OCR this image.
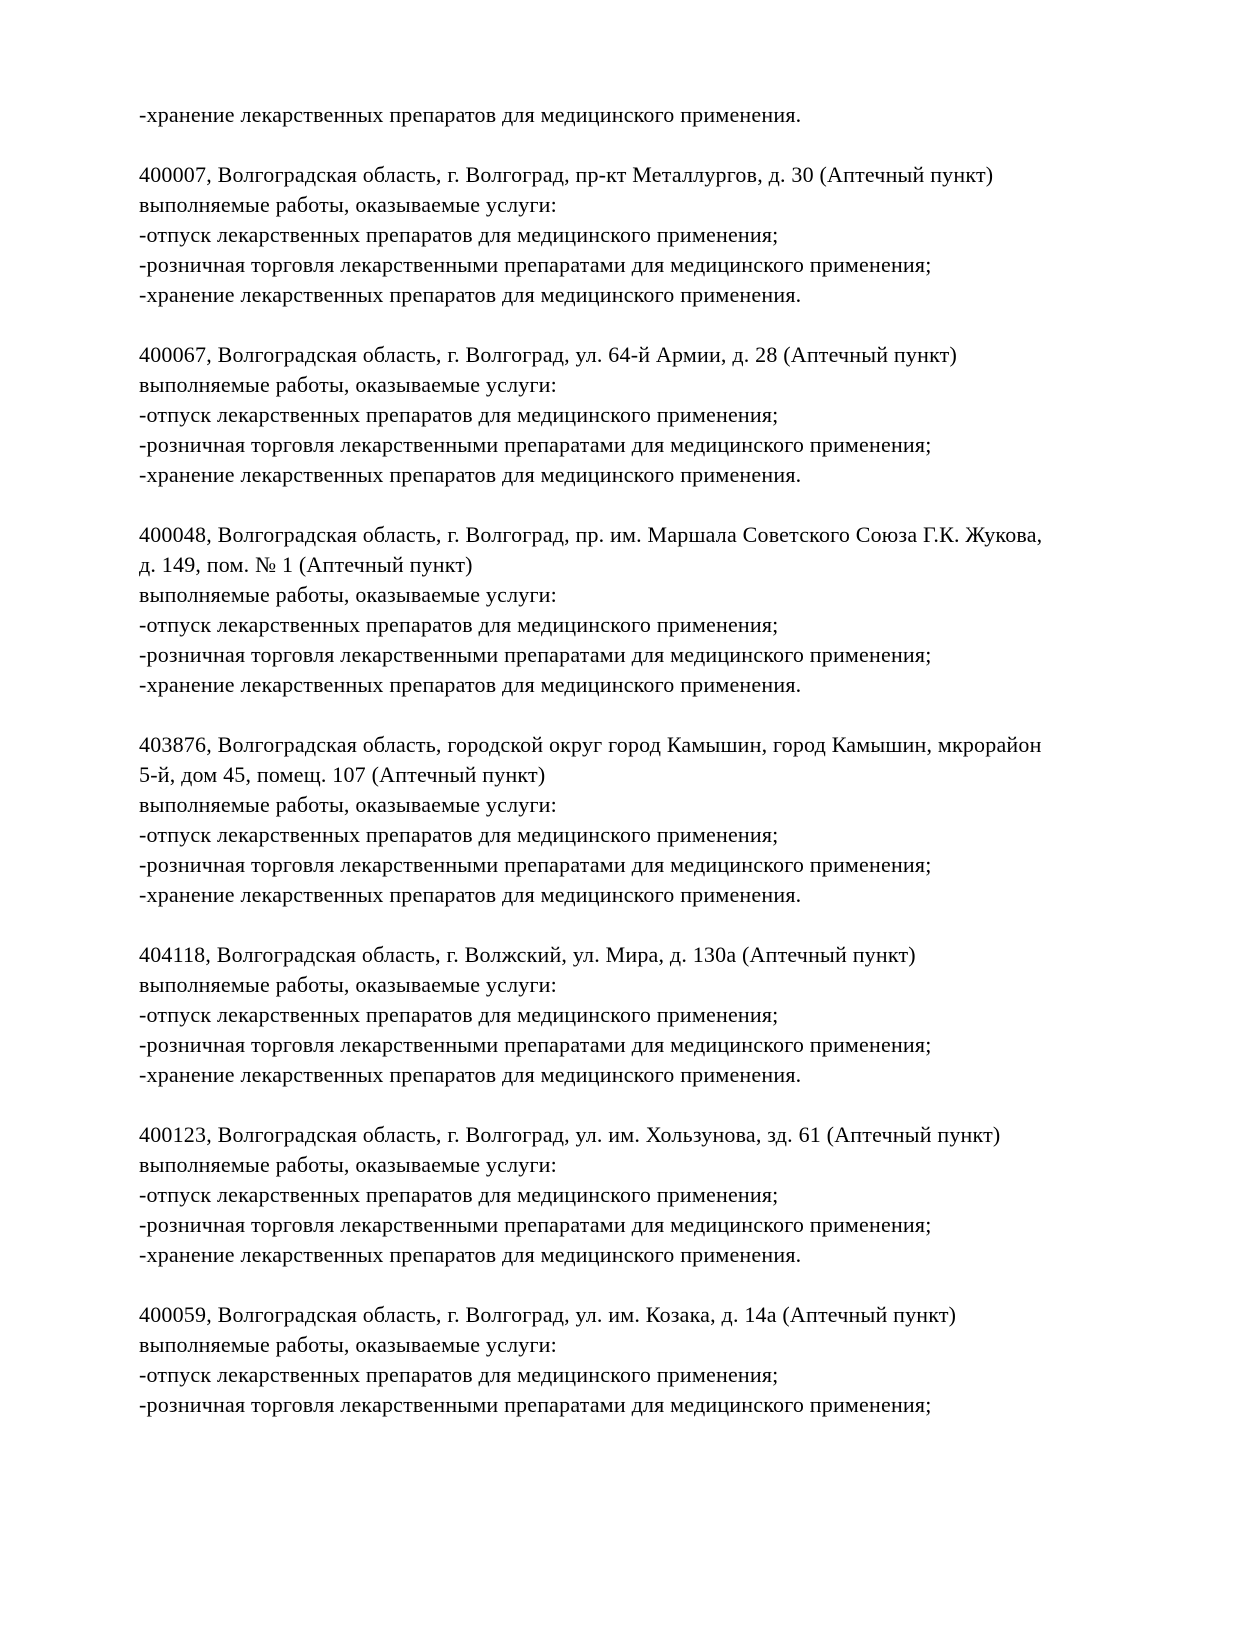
-хранение лекарственных препаратов для медицинского применения.
400007, Волгоградская область, г. Волгоград, пр-кт Металлургов, д. 30 (Аптечный пункт)
выполняемые работы, оказываемые услуги:
-отпуск лекарственных препаратов для медицинского применения;
-розничная торговля лекарственными препаратами для медицинского применения;
-хранение лекарственных препаратов для медицинского применения.
400067, Волгоградская область, г. Волгоград, ул. 64-й Армии, д. 28 (Аптечный пункт)
выполняемые работы, оказываемые услуги:
-отпуск лекарственных препаратов для медицинского применения;
-розничная торговля лекарственными препаратами для медицинского применения;
-хранение лекарственных препаратов для медицинского применения.
400048, Волгоградская область, г. Волгоград, пр. им. Маршала Советского Союза Г.К. Жукова,
д. 149, пом. № 1 (Аптечный пункт)
выполняемые работы, оказываемые услуги:
-отпуск лекарственных препаратов для медицинского применения;
-розничная торговля лекарственными препаратами для медицинского применения;
-хранение лекарственных препаратов для медицинского применения.
403876, Волгоградская область, городской округ город Камышин, город Камышин, мкрорайон
5-й, дом 45, помещ. 107 (Аптечный пункт)
выполняемые работы, оказываемые услуги:
-отпуск лекарственных препаратов для медицинского применения;
-розничная торговля лекарственными препаратами для медицинского применения;
-хранение лекарственных препаратов для медицинского применения.
404118, Волгоградская область, г. Волжский, ул. Мира, д. 130а (Аптечный пункт)
выполняемые работы, оказываемые услуги:
-отпуск лекарственных препаратов для медицинского применения;
-розничная торговля лекарственными препаратами для медицинского применения;
-хранение лекарственных препаратов для медицинского применения.
400123, Волгоградская область, г. Волгоград, ул. им. Хользунова, зд. 61 (Аптечный пункт)
выполняемые работы, оказываемые услуги:
-отпуск лекарственных препаратов для медицинского применения;
-розничная торговля лекарственными препаратами для медицинского применения;
-хранение лекарственных препаратов для медицинского применения.
400059, Волгоградская область, г. Волгоград, ул. им. Козака, д. 14а (Аптечный пункт)
выполняемые работы, оказываемые услуги:
-отпуск лекарственных препаратов для медицинского применения;
-розничная торговля лекарственными препаратами для медицинского применения;
